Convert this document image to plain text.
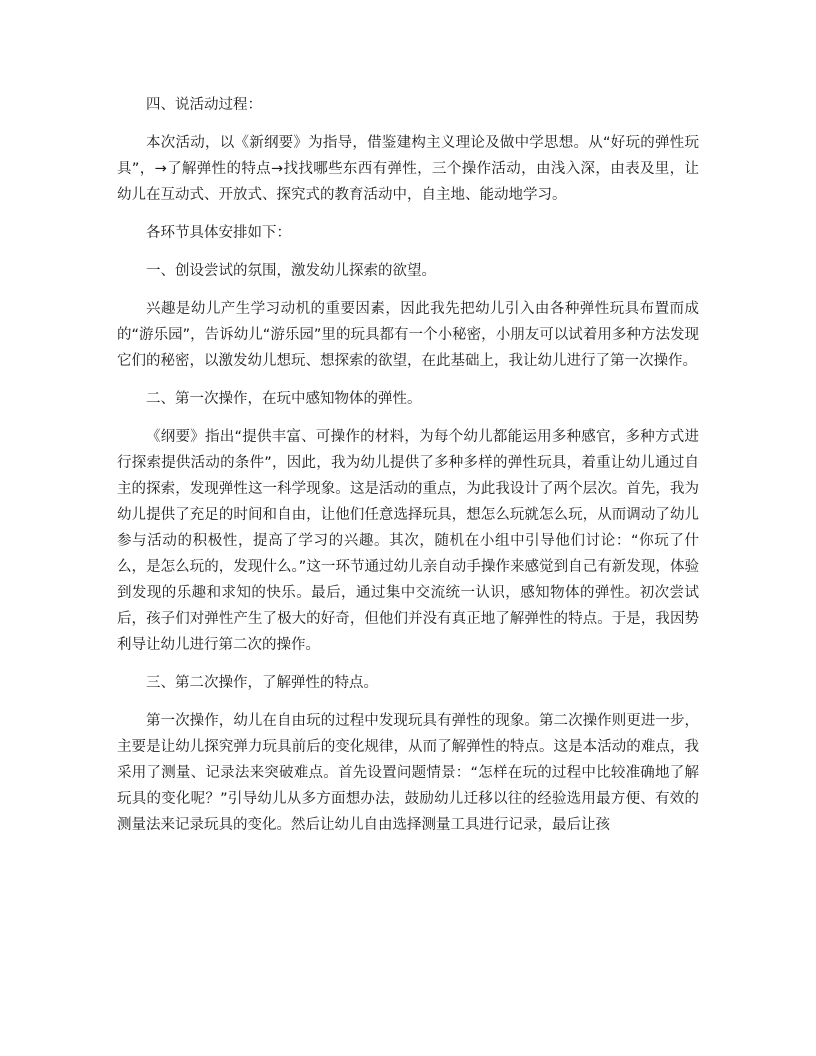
四、说活动过程：

本次活动，以《新纲要》为指导，借鉴建构主义理论及做中学思想。从“好玩的弹性玩具”，→了解弹性的特点→找找哪些东西有弹性，三个操作活动，由浅入深，由表及里，让幼儿在互动式、开放式、探究式的教育活动中，自主地、能动地学习。

各环节具体安排如下：

一、创设尝试的氛围，激发幼儿探索的欲望。

兴趣是幼儿产生学习动机的重要因素，因此我先把幼儿引入由各种弹性玩具布置而成的“游乐园”，告诉幼儿“游乐园”里的玩具都有一个小秘密，小朋友可以试着用多种方法发现它们的秘密，以激发幼儿想玩、想探索的欲望，在此基础上，我让幼儿进行了第一次操作。

二、第一次操作，在玩中感知物体的弹性。

《纲要》指出“提供丰富、可操作的材料，为每个幼儿都能运用多种感官，多种方式进行探索提供活动的条件”，因此，我为幼儿提供了多种多样的弹性玩具，着重让幼儿通过自主的探索，发现弹性这一科学现象。这是活动的重点，为此我设计了两个层次。首先，我为幼儿提供了充足的时间和自由，让他们任意选择玩具，想怎么玩就怎么玩，从而调动了幼儿参与活动的积极性，提高了学习的兴趣。其次，随机在小组中引导他们讨论：“你玩了什么，是怎么玩的，发现什么。”这一环节通过幼儿亲自动手操作来感觉到自己有新发现，体验到发现的乐趣和求知的快乐。最后，通过集中交流统一认识，感知物体的弹性。初次尝试后，孩子们对弹性产生了极大的好奇，但他们并没有真正地了解弹性的特点。于是，我因势利导让幼儿进行第二次的操作。

三、第二次操作，了解弹性的特点。

第一次操作，幼儿在自由玩的过程中发现玩具有弹性的现象。第二次操作则更进一步，主要是让幼儿探究弹力玩具前后的变化规律，从而了解弹性的特点。这是本活动的难点，我采用了测量、记录法来突破难点。首先设置问题情景：“怎样在玩的过程中比较准确地了解玩具的变化呢？”引导幼儿从多方面想办法，鼓励幼儿迁移以往的经验选用最方便、有效的测量法来记录玩具的变化。然后让幼儿自由选择测量工具进行记录，最后让孩
